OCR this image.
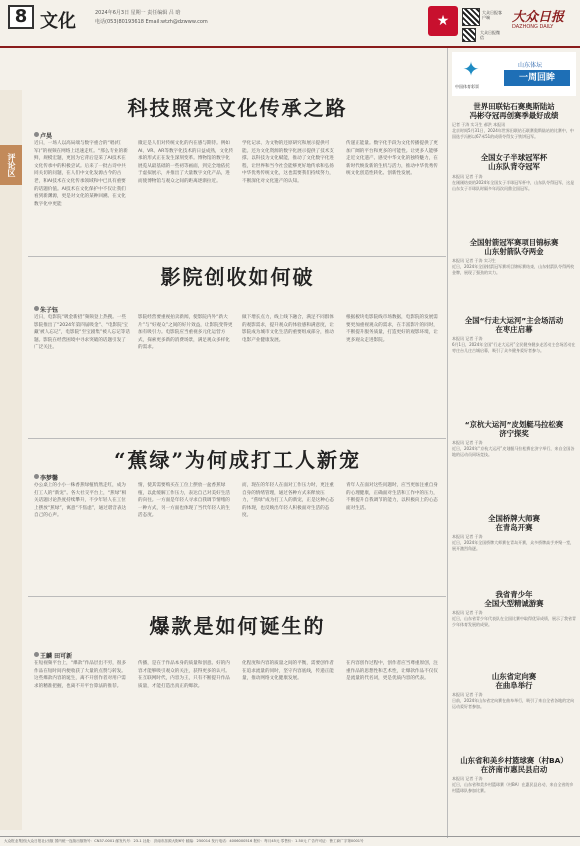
8 文化	2024年6月3日 星期一 责任编辑 吕 晗
电话(053)80193618 Email:wtzh@dzwww.com	★
大众日报客户端
大众日报微信
大众日报
DAZHONG DAILY
评论区
科技照亮文化传承之路
卢昊
近日，一场人以高局端与数字重合的“唱(红军)”的视频在网络上迅速走红。“那么专业的新鲜，规模宏题，更因为它背后是采了AI技术在文化传承中的积极尝试。后来了一批古诗中共同关切的问题，在人们中文化发源古今的古老，和AI技术在文化传承领域和中已具有重要的话题价值。AI技术在文化保护中不仅让我们看到新渊源，更是对文化的某种回溯。在文化数字化中更能
微定是人们对传统文化的内在感与期待。例如AI、VR、AR等数字化技术的日益成熟，文化传承的形式正在发生深刻变革。博物馆的数字化展览从最基础的一些初等画面，到完全地依托于虚拟展示，并推出了大量数字文化产品，进而使博物馆与观众之间的距离逐渐拉近。
学化记录、为文物的还原研究和展示提供可能。还为文化资源的数字化展示提供了技术支撑。以科技为文化赋能，推动了文化数字化进程，让世界和当今社会能够更好地传承和弘扬中华优秀传统文化，这也需要我们持续努力，不断深化对文化遗产的认知。
传递正能量。数字化手段为文化传播提供了更加广阔的平台和更多的可能性。让更多人能够走近文化遗产、感受中华文化的独特魅力，在新时代焕发新的生机与活力，推动中华优秀传统文化创造性转化、创新性发展。
影院创收如何破
朱子钰
近日，电影院“吸金新招”频频登上热搜。一些影院推出了“2024年第四届吸金”、“电影院‘宝藏’被人忘记”，电影院“至宝剧集”被人忘记等话题。影院在经营困境中寻求突破的话题引发了广泛关注。
影院经营要重视拍卖新闻，使影院内外“新大片”与“好观众”之间的好片效益，让影院变得更加有吸引力。电影院应当重视多元化运营方式，探索更多新的消费场景，满足观众多样化的需求。
做下增长点力，线上线下融合，满足不同群体的观影需求，提升观众的体验感和满意度，让影院成为城市文化生活的重要组成部分，推动电影产业健康发展。
根据板块电影院线市场数据，电影院的发展需要更加重视观众的需求，在丰富影片的同时，不断提升服务质量，打造更好的观影环境，让更多观众走进影院。
“蕉绿”为何成打工人新宠
李梦馨
办公桌上的小小一株香蕉绿植悄然走红，成为打工人的“新宠”。各大社交平台上，“蕉绿”相关话题讨论热度持续攀升，不少年轻人在工位上摆放“蕉绿”，寓意“不焦虑”，通过谐音表达自己的心声。
情，使其需要购买在工位上摆放一盆香蕉绿植，以此缓解工作压力，表达自己对美好生活的向往。一方面是年轻人寻求自我调节情绪的一种方式，另一方面也体现了当代年轻人的生活态度。
而，现在的年轻人在面对工作压力时，更注重自身的情绪管理，通过各种方式来释放压力，“蕉绿”成为打工人的新宠，正是这种心态的体现，也反映出年轻人积极面对生活的态度。
青年人在面对这些问题时，应当更加注重自身的心理健康，正确面对生活和工作中的压力，不断提升自我调节的能力，以积极向上的心态面对生活。
爆款是如何诞生的
王麟 田可新
在短视频平台上，“爆款”作品层出不穷，很多作品在短时间内便收获了大量的点赞与转发。这些爆款内容的诞生，离不开创作者对用户需求的精准把握，也离不开平台算法的推荐。
传播，是在于作品本身的质量和创意。好的内容才能够吸引观众的关注，获得更多的认可。在互联网时代，内容为王，只有不断提升作品质量，才能打造出真正的爆款。
化程度和内容的质量之间的平衡，需要创作者在追求流量的同时，坚守内容底线，传递正能量，推动网络文化健康发展。
在内容创作过程中，创作者应当尊重原创，注重作品的思想性和艺术性，让爆款作品不仅仅是流量的代名词，更是优质内容的代表。
✦
中国体育彩票
山东体坛
一周回眸
世界田联钻石赛奥斯陆站
冯彬夺冠再创赛季最好成绩
记者 于涛 实习生 郝洪 本报讯
北京时间5月31日，2024年世界田联钻石联赛奥斯陆站的比赛中，中国选手冯彬以67米51的成绩夺得女子铁饼冠军。
全国女子半球冠军杯
山东队背夺冠军
本报讯 记者 于涛
在刚刚结束的2024年全国女子半球冠军杯中，山东队夺得冠军，这是山东女子半球队时隔多年再次问鼎全国冠军。
全国射箭冠军赛项目锦标赛
山东射箭队夺两金
本报讯 记者 于涛 实习生
近日，2024年全国射箭冠军赛项目锦标赛结束，山东射箭队夺得两枚金牌，展现了强劲的实力。
全国“行走大运河”主会场活动
在枣庄启幕
本报讯 记者 于涛
6月1日，2024年全国“行走大运河”全民健身健步走活动主会场活动在枣庄台儿庄古城启幕，吸引了众多健身爱好者参与。
“京杭大运河”皮划艇马拉松赛
济宁探奖
本报讯 记者 于涛
近日，2024年“京杭大运河”皮划艇马拉松赛在济宁举行，来自全国各地的运动员同场竞技。
全国桥牌大师赛
在青岛开赛
本报讯 记者 于涛
近日，2024年全国桥牌大师赛在青岛开赛，众多桥牌高手齐聚一堂，展开激烈角逐。
我省青少年
全国大型精诚游赛
本报讯 记者 于涛
近日，山东省青少年代表队在全国比赛中取得优异成绩，展示了我省青少年体育发展的成果。
山东省定向赛
在曲阜举行
本报讯 记者 于涛
日前，2024年山东省定向赛在曲阜举行，吸引了来自全省各地的定向运动爱好者参加。
山东省和美乡村篮球赛（村BA）
在济南市惠民县启动
本报讯 记者 于涛
近日，山东省和美乡村篮球赛（村BA）在惠民县启动，来自全省的乡村篮球队参加比赛。
大众报业集团(大众日报社)出版 国内统一连续出版物号：CN37-0001 邮发代号：23-1 社址：济南市泺源大街6号 邮编：250014 发行电话：4006000516 报价：每月45元 零售价：1.50元 广告许可证：鲁工商广字第0001号
